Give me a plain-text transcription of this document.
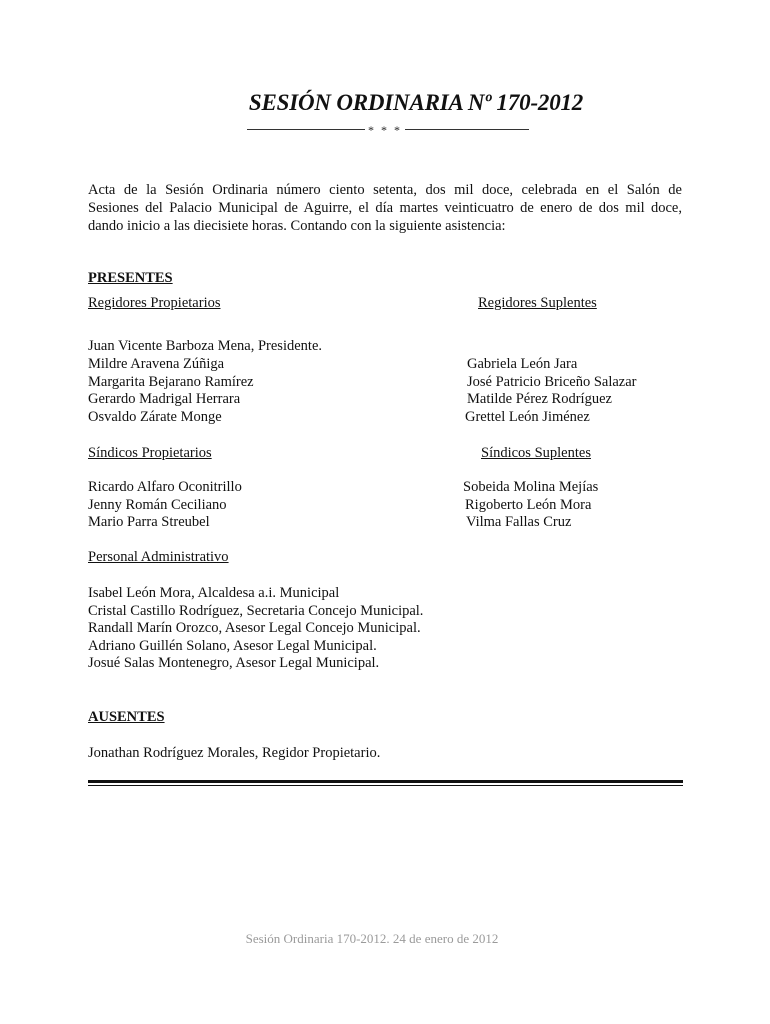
SESIÓN ORDINARIA Nº 170-2012
* * *
Acta de la Sesión Ordinaria número ciento setenta, dos mil doce, celebrada en el Salón de
Sesiones del Palacio Municipal de Aguirre, el día martes veinticuatro de enero de dos mil doce,
dando inicio a las diecisiete horas. Contando con la siguiente asistencia:
PRESENTES
Regidores Propietarios	Regidores Suplentes
Juan Vicente Barboza Mena, Presidente.
Mildre Aravena Zúñiga
Margarita Bejarano Ramírez
Gerardo Madrigal Herrara
Osvaldo Zárate Monge
Gabriela León Jara
José Patricio Briceño Salazar
Matilde Pérez Rodríguez
Grettel León Jiménez
Síndicos Propietarios	Síndicos Suplentes
Ricardo Alfaro Oconitrillo
Jenny Román Ceciliano
Mario Parra Streubel
Sobeida Molina Mejías
Rigoberto León Mora
Vilma Fallas Cruz
Personal Administrativo
Isabel León Mora, Alcaldesa a.i. Municipal
Cristal Castillo Rodríguez, Secretaria Concejo Municipal.
Randall Marín Orozco, Asesor Legal Concejo Municipal.
Adriano Guillén Solano, Asesor Legal Municipal.
Josué Salas Montenegro, Asesor Legal Municipal.
AUSENTES
Jonathan Rodríguez Morales, Regidor Propietario.
Sesión Ordinaria 170-2012. 24 de enero de 2012
